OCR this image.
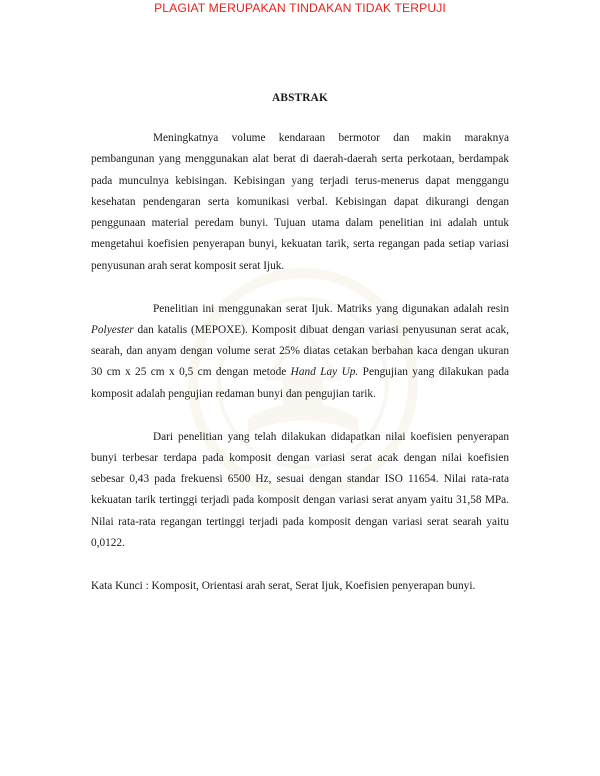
PLAGIAT MERUPAKAN TINDAKAN TIDAK TERPUJI
ABSTRAK

Meningkatnya volume kendaraan bermotor dan makin maraknya pembangunan yang menggunakan alat berat di daerah-daerah serta perkotaan, berdampak pada munculnya kebisingan. Kebisingan yang terjadi terus-menerus dapat menggangu kesehatan pendengaran serta komunikasi verbal. Kebisingan dapat dikurangi dengan penggunaan material peredam bunyi. Tujuan utama dalam penelitian ini adalah untuk mengetahui koefisien penyerapan bunyi, kekuatan tarik, serta regangan pada setiap variasi penyusunan arah serat komposit serat Ijuk.

Penelitian ini menggunakan serat Ijuk. Matriks yang digunakan adalah resin Polyester dan katalis (MEPOXE). Komposit dibuat dengan variasi penyusunan serat acak, searah, dan anyam dengan volume serat 25% diatas cetakan berbahan kaca dengan ukuran 30 cm x 25 cm x 0,5 cm dengan metode Hand Lay Up. Pengujian yang dilakukan pada komposit adalah pengujian redaman bunyi dan pengujian tarik.

Dari penelitian yang telah dilakukan didapatkan nilai koefisien penyerapan bunyi terbesar terdapa pada komposit dengan variasi serat acak dengan nilai koefisien sebesar 0,43 pada frekuensi 6500 Hz, sesuai dengan standar ISO 11654. Nilai rata-rata kekuatan tarik tertinggi terjadi pada komposit dengan variasi serat anyam yaitu 31,58 MPa. Nilai rata-rata regangan tertinggi terjadi pada komposit dengan variasi serat searah yaitu 0,0122.

Kata Kunci : Komposit, Orientasi arah serat, Serat Ijuk, Koefisien penyerapan bunyi.
